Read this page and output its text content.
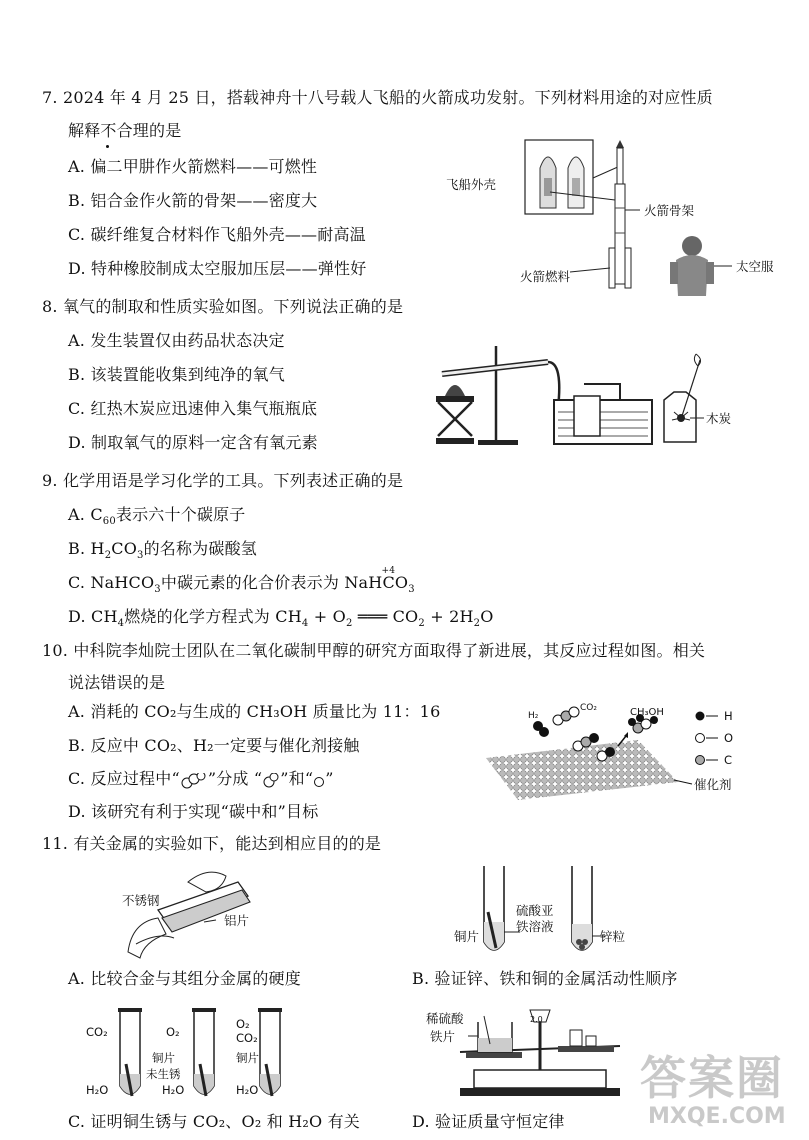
7. 2024 年 4 月 25 日，搭载神舟十八号载人飞船的火箭成功发射。下列材料用途的对应性质
解释不合理的是
A. 偏二甲肼作火箭燃料——可燃性
B. 铝合金作火箭的骨架——密度大
C. 碳纤维复合材料作飞船外壳——耐高温
D. 特种橡胶制成太空服加压层——弹性好
飞船外壳
火箭骨架
火箭燃料
太空服
8. 氧气的制取和性质实验如图。下列说法正确的是
A. 发生装置仅由药品状态决定
B. 该装置能收集到纯净的氧气
C. 红热木炭应迅速伸入集气瓶瓶底
D. 制取氧气的原料一定含有氧元素
木炭
9. 化学用语是学习化学的工具。下列表述正确的是
A. $C_{60}$表示六十个碳原子
B. $H_2CO_3$的名称为碳酸氢
C. NaHCO$_3$中碳元素的化合价表示为 NaHC
+4
$O_3$
D. $CH_4$燃烧的化学方程式为 $CH_4 + O_2$ ═══ $CO_2 + 2H_2O$
10. 中科院李灿院士团队在二氧化碳制甲醇的研究方面取得了新进展，其反应过程如图。相关
说法错误的是
A. 消耗的 CO₂与生成的 CH₃OH 质量比为 11：16
B. 反应中 CO₂、H₂一定要与催化剂接触
C. 反应过程中“ ”分成 “ ”和“ ”
D. 该研究有利于实现“碳中和”目标
H₂
CO₂	CH₃OH	H
O
C
催化剂
11. 有关金属的实验如下，能达到相应目的的是
不锈钢
铝片
硫酸亚
铁溶液
铜片	锌粒
A. 比较合金与其组分金属的硬度	B. 验证锌、铁和铜的金属活动性顺序
CO₂	O₂
O₂
CO₂
铜片
未生锈
铜片
H₂O	H₂O	H₂O
2.0
稀硫酸
铁片
C. 证明铜生锈与 CO₂、O₂ 和 H₂O 有关	D. 验证质量守恒定律
答案圈
MXQE.COM
